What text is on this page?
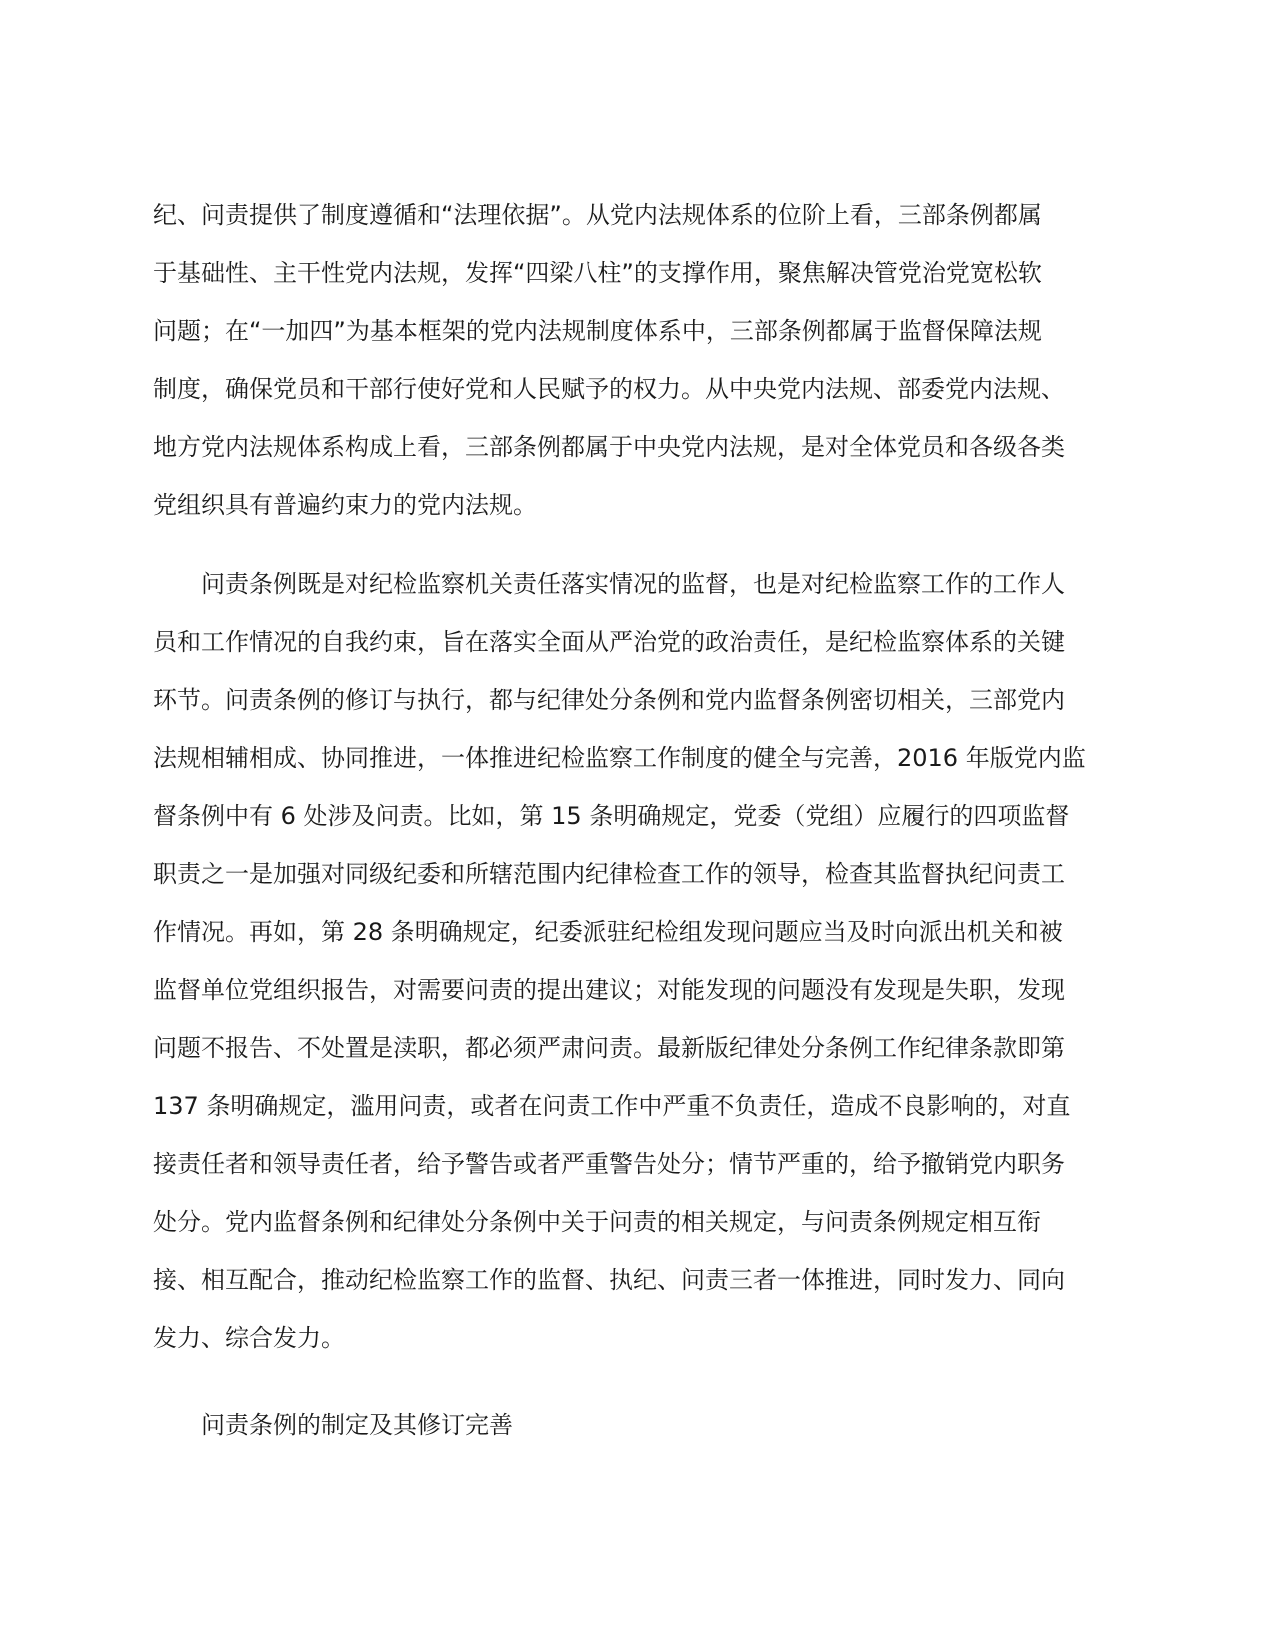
纪、问责提供了制度遵循和“法理依据”。从党内法规体系的位阶上看，三部条例都属
于基础性、主干性党内法规，发挥“四梁八柱”的支撑作用，聚焦解决管党治党宽松软
问题；在“一加四”为基本框架的党内法规制度体系中，三部条例都属于监督保障法规
制度，确保党员和干部行使好党和人民赋予的权力。从中央党内法规、部委党内法规、
地方党内法规体系构成上看，三部条例都属于中央党内法规，是对全体党员和各级各类
党组织具有普遍约束力的党内法规。
问责条例既是对纪检监察机关责任落实情况的监督，也是对纪检监察工作的工作人
员和工作情况的自我约束，旨在落实全面从严治党的政治责任，是纪检监察体系的关键
环节。问责条例的修订与执行，都与纪律处分条例和党内监督条例密切相关，三部党内
法规相辅相成、协同推进，一体推进纪检监察工作制度的健全与完善，2016 年版党内监
督条例中有 6 处涉及问责。比如，第 15 条明确规定，党委（党组）应履行的四项监督
职责之一是加强对同级纪委和所辖范围内纪律检查工作的领导，检查其监督执纪问责工
作情况。再如，第 28 条明确规定，纪委派驻纪检组发现问题应当及时向派出机关和被
监督单位党组织报告，对需要问责的提出建议；对能发现的问题没有发现是失职，发现
问题不报告、不处置是渎职，都必须严肃问责。最新版纪律处分条例工作纪律条款即第
137 条明确规定，滥用问责，或者在问责工作中严重不负责任，造成不良影响的，对直
接责任者和领导责任者，给予警告或者严重警告处分；情节严重的，给予撤销党内职务
处分。党内监督条例和纪律处分条例中关于问责的相关规定，与问责条例规定相互衔
接、相互配合，推动纪检监察工作的监督、执纪、问责三者一体推进，同时发力、同向
发力、综合发力。
问责条例的制定及其修订完善
